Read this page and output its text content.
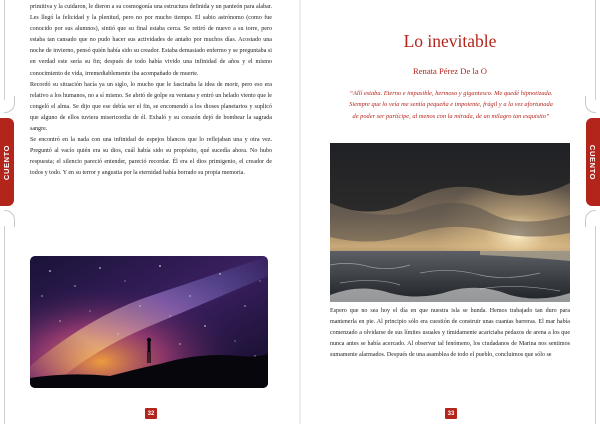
CUENTO	CUENTO

primitiva y la cuidaron, le dieron a su cosmogonía una estructura definida y un panteón para alabar. Les llegó la felicidad y la plenitud, pero no por mucho tiempo. El sabio astrónomo (como fue conocido por sus alumnos), sintió que su final estaba cerca. Se retiró de nuevo a su torre, pero estaba tan cansado que no pudo hacer sus actividades de antaño por muchos días. Acostado una noche de invierno, pensó quién había sido su creador. Estaba demasiado enfermo y se preguntaba si en verdad este sería su fin; después de todo había vivido una infinidad de años y el mismo conocimiento de vida, irremediablemente iba acompañado de muerte.

Recordó su situación hacía ya un siglo, lo mucho que le fascinaba la idea de morir, pero eso era relativo a los humanos, no a sí mismo. Se abrió de golpe su ventana y entró un helado viento que le congeló el alma. Se dijo que ese debía ser el fin, se encomendó a los dioses planetarios y suplicó que alguno de ellos tuviera misericordia de él. Exhaló y su corazón dejó de bombear la sagrada sangre.

Se encontró en la nada con una infinidad de espejos blancos que lo reflejaban una y otra vez. Preguntó al vacío quién era su dios, cuál había sido su propósito, qué sucedía ahora. No hubo respuesta; el silencio pareció entender, pareció recordar. Él era el dios primigenio, el creador de todos y todo. Y en su terror y angustia por la eternidad había borrado su propia memoria.

32
Lo inevitable
Renata Pérez De la O
“Allí estaba. Eterno e impasible, hermoso y gigantesco. Me quedé hipnotizada. Siempre que lo veía me sentía pequeña e impotente, frágil y a la vez afortunada de poder ser partícipe, al menos con la mirada, de un milagro tan exquisito”

Espero que no sea hoy el día en que nuestra isla se hunda. Hemos trabajado tan duro para mantenerla en pie. Al principio sólo era cuestión de construir unas cuantas barreras. El mar había comenzado a olvidarse de sus límites usuales y tímidamente acariciaba pedazos de arena a los que nunca antes se había acercado. Al observar tal fenómeno, los ciudadanos de Marina nos sentimos sumamente alarmados. Después de una asamblea de todo el pueblo, concluimos que sólo se

33
